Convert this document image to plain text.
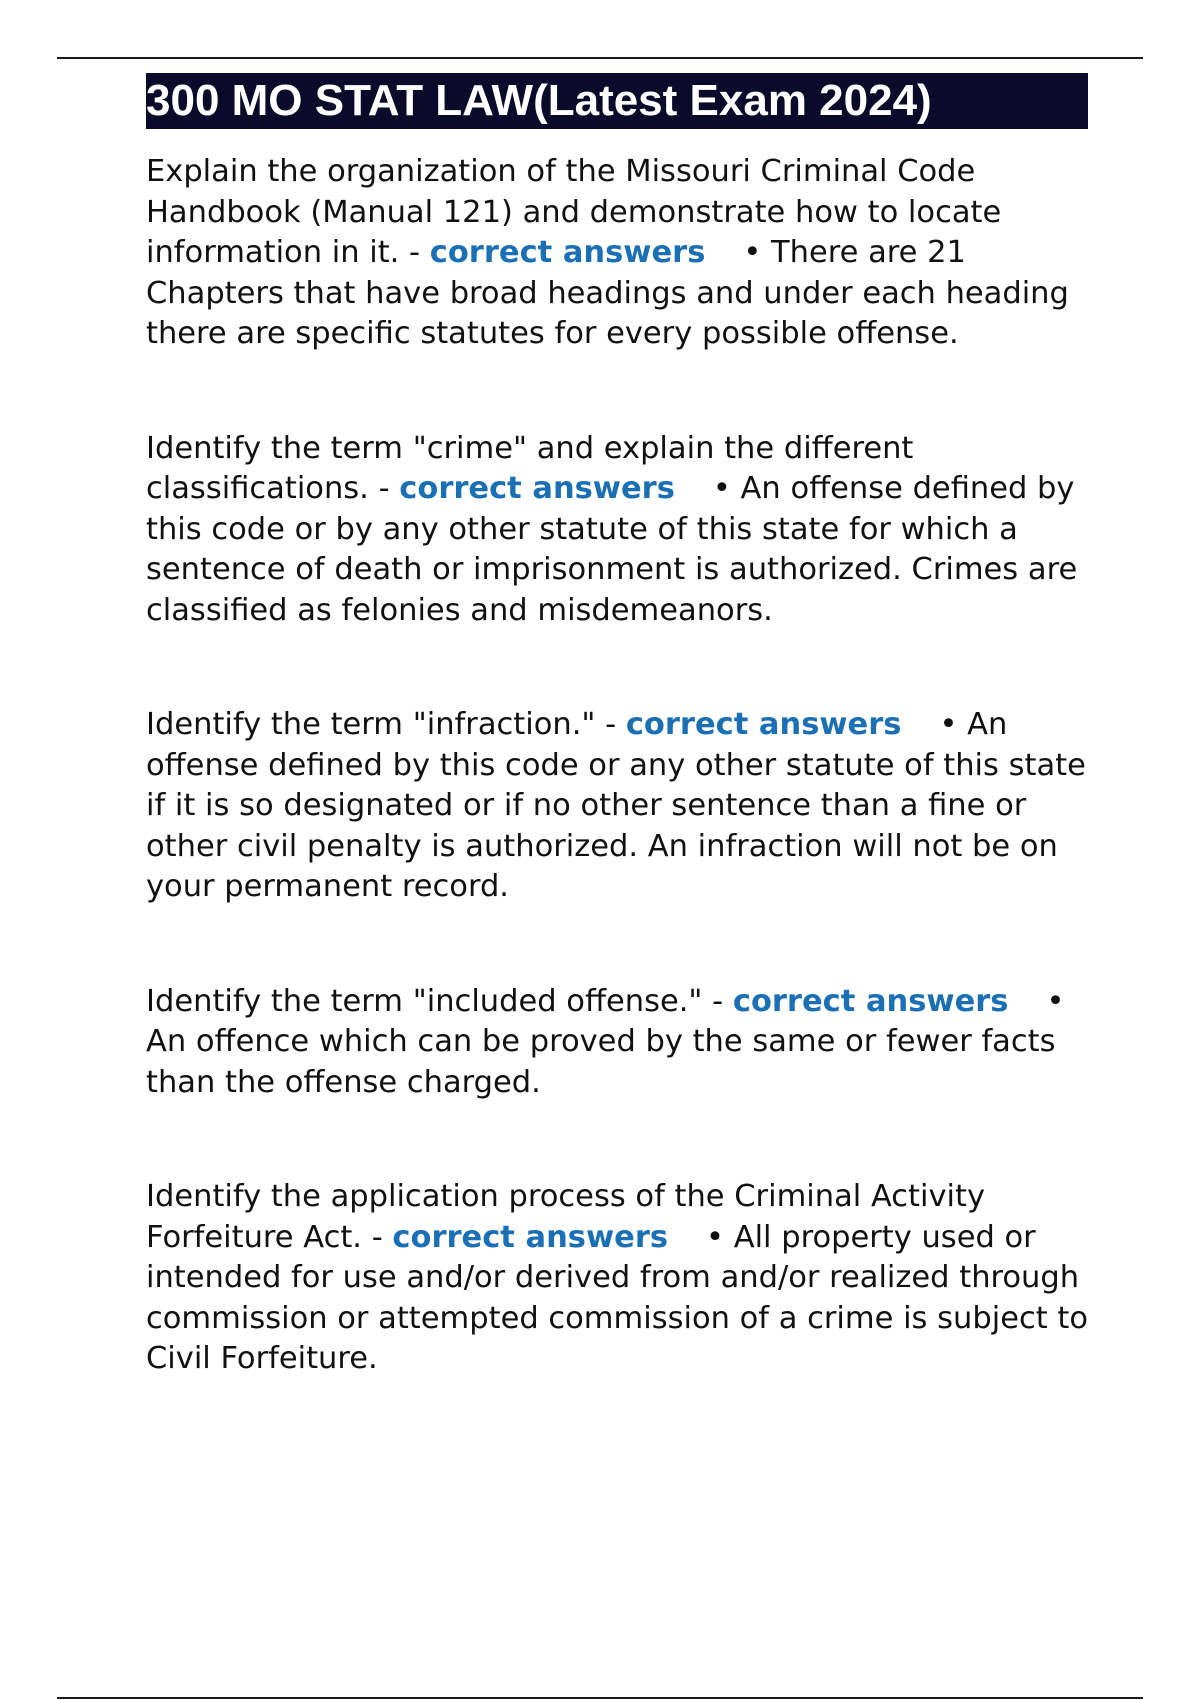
300 MO STAT LAW(Latest Exam 2024)

Explain the organization of the Missouri Criminal Code Handbook (Manual 121) and demonstrate how to locate information in it. - correct answers • There are 21 Chapters that have broad headings and under each heading there are specific statutes for every possible offense.

Identify the term "crime" and explain the different classifications. - correct answers • An offense defined by this code or by any other statute of this state for which a sentence of death or imprisonment is authorized. Crimes are classified as felonies and misdemeanors.

Identify the term "infraction." - correct answers • An offense defined by this code or any other statute of this state if it is so designated or if no other sentence than a fine or other civil penalty is authorized. An infraction will not be on your permanent record.

Identify the term "included offense." - correct answers • An offence which can be proved by the same or fewer facts than the offense charged.

Identify the application process of the Criminal Activity Forfeiture Act. - correct answers • All property used or intended for use and/or derived from and/or realized through commission or attempted commission of a crime is subject to Civil Forfeiture.
